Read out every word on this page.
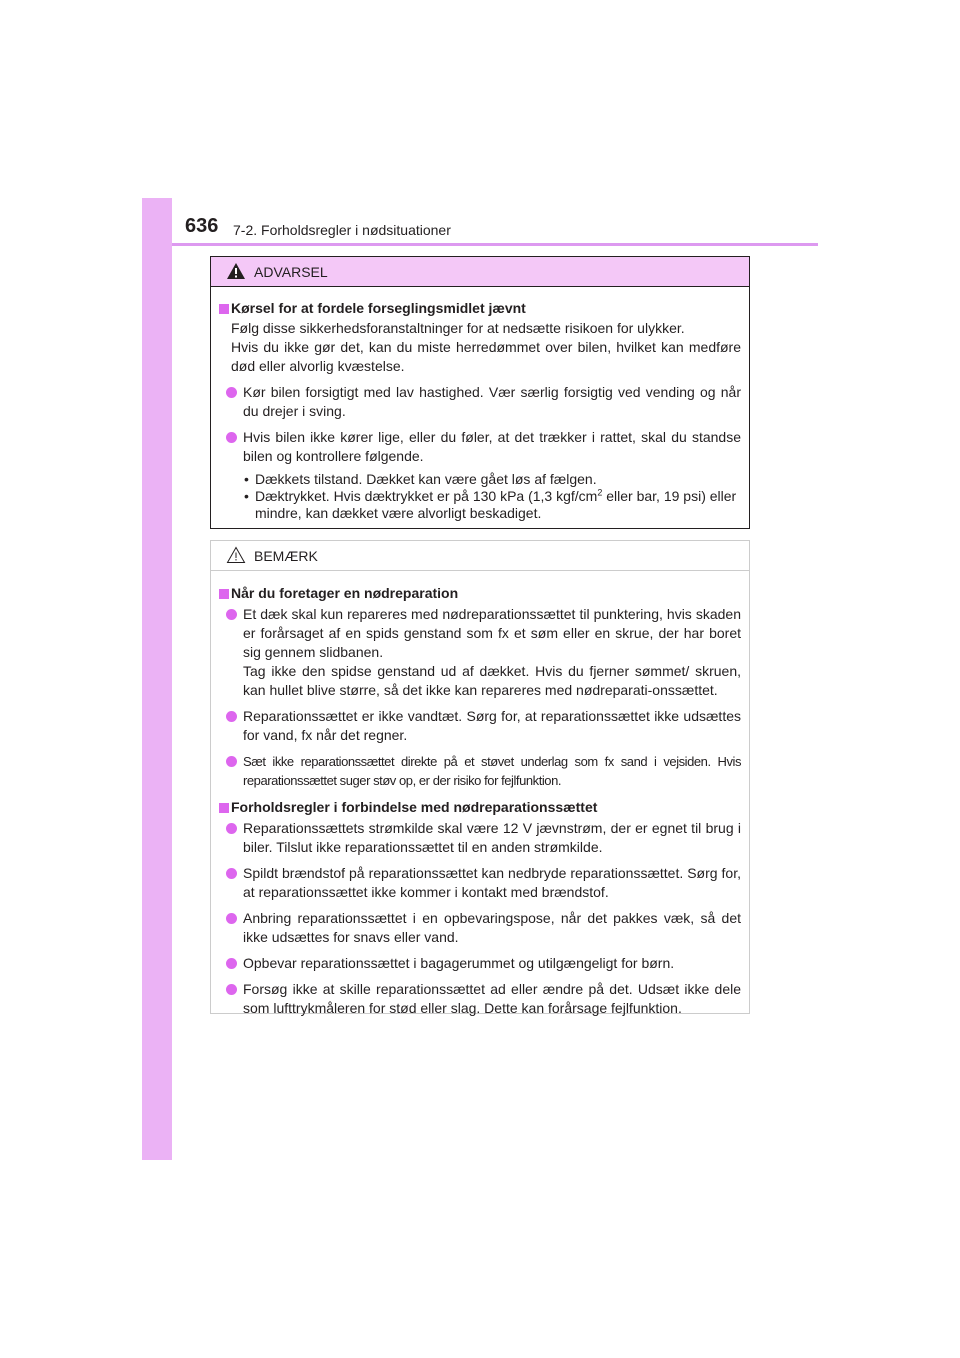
636 7-2. Forholdsregler i nødsituationer
ADVARSEL
Kørsel for at fordele forseglingsmidlet jævnt
Følg disse sikkerhedsforanstaltninger for at nedsætte risikoen for ulykker.
Hvis du ikke gør det, kan du miste herredømmet over bilen, hvilket kan medføre død eller alvorlig kvæstelse.
Kør bilen forsigtigt med lav hastighed. Vær særlig forsigtig ved vending og når du drejer i sving.
Hvis bilen ikke kører lige, eller du føler, at det trækker i rattet, skal du standse bilen og kontrollere følgende.
• Dækkets tilstand. Dækket kan være gået løs af fælgen.
• Dæktrykket. Hvis dæktrykket er på 130 kPa (1,3 kgf/$cm^2$ eller bar, 19 psi) eller mindre, kan dækket være alvorligt beskadiget.
BEMÆRK
Når du foretager en nødreparation
Et dæk skal kun repareres med nødreparationssættet til punktering, hvis skaden er forårsaget af en spids genstand som fx et søm eller en skrue, der har boret sig gennem slidbanen.
Tag ikke den spidse genstand ud af dækket. Hvis du fjerner sømmet/ skruen, kan hullet blive større, så det ikke kan repareres med nødreparati-onssættet.
Reparationssættet er ikke vandtæt. Sørg for, at reparationssættet ikke udsættes for vand, fx når det regner.
Sæt ikke reparationssættet direkte på et støvet underlag som fx sand i vejsiden. Hvis reparationssættet suger støv op, er der risiko for fejlfunktion.
Forholdsregler i forbindelse med nødreparationssættet
Reparationssættets strømkilde skal være 12 V jævnstrøm, der er egnet til brug i biler. Tilslut ikke reparationssættet til en anden strømkilde.
Spildt brændstof på reparationssættet kan nedbryde reparationssættet. Sørg for, at reparationssættet ikke kommer i kontakt med brændstof.
Anbring reparationssættet i en opbevaringspose, når det pakkes væk, så det ikke udsættes for snavs eller vand.
Opbevar reparationssættet i bagagerummet og utilgængeligt for børn.
Forsøg ikke at skille reparationssættet ad eller ændre på det. Udsæt ikke dele som lufttrykmåleren for stød eller slag. Dette kan forårsage fejlfunktion.
